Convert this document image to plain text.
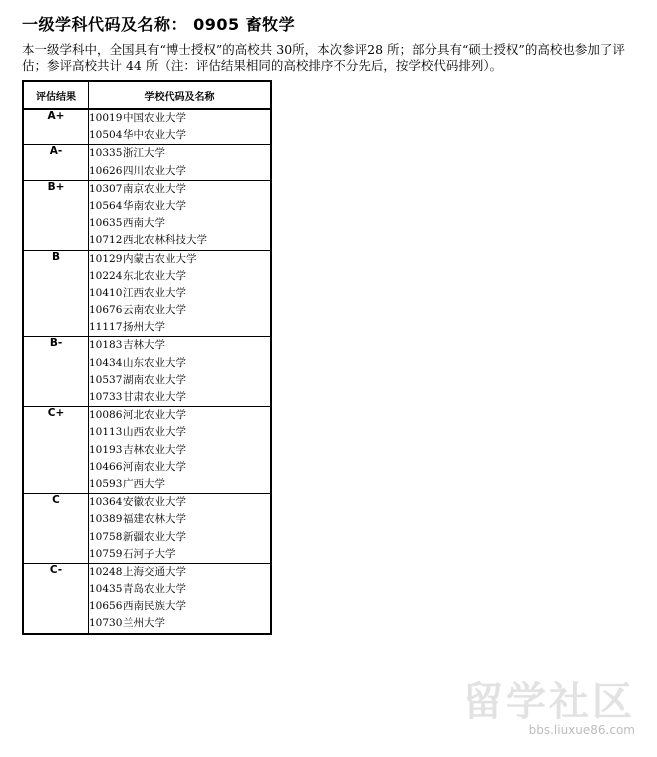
一级学科代码及名称： 0905 畜牧学
本一级学科中，全国具有“博士授权”的高校共 30所，本次参评28 所；部分具有“硕士授权”的高校也参加了评估；参评高校共计 44 所（注：评估结果相同的高校排序不分先后，按学校代码排列）。
评估结果	学校代码及名称
A+	10019中国农业大学
10504华中农业大学

A-	10335浙江大学
10626四川农业大学

B+	10307南京农业大学
10564华南农业大学
10635西南大学
10712西北农林科技大学

B	10129内蒙古农业大学
10224东北农业大学
10410江西农业大学
10676云南农业大学
11117扬州大学

B-	10183吉林大学
10434山东农业大学
10537湖南农业大学
10733甘肃农业大学

C+	10086河北农业大学
10113山西农业大学
10193吉林农业大学
10466河南农业大学
10593广西大学

C	10364安徽农业大学
10389福建农林大学
10758新疆农业大学
10759石河子大学

C-	10248上海交通大学
10435青岛农业大学
10656西南民族大学
10730兰州大学
留学社区
bbs.liuxue86.com
